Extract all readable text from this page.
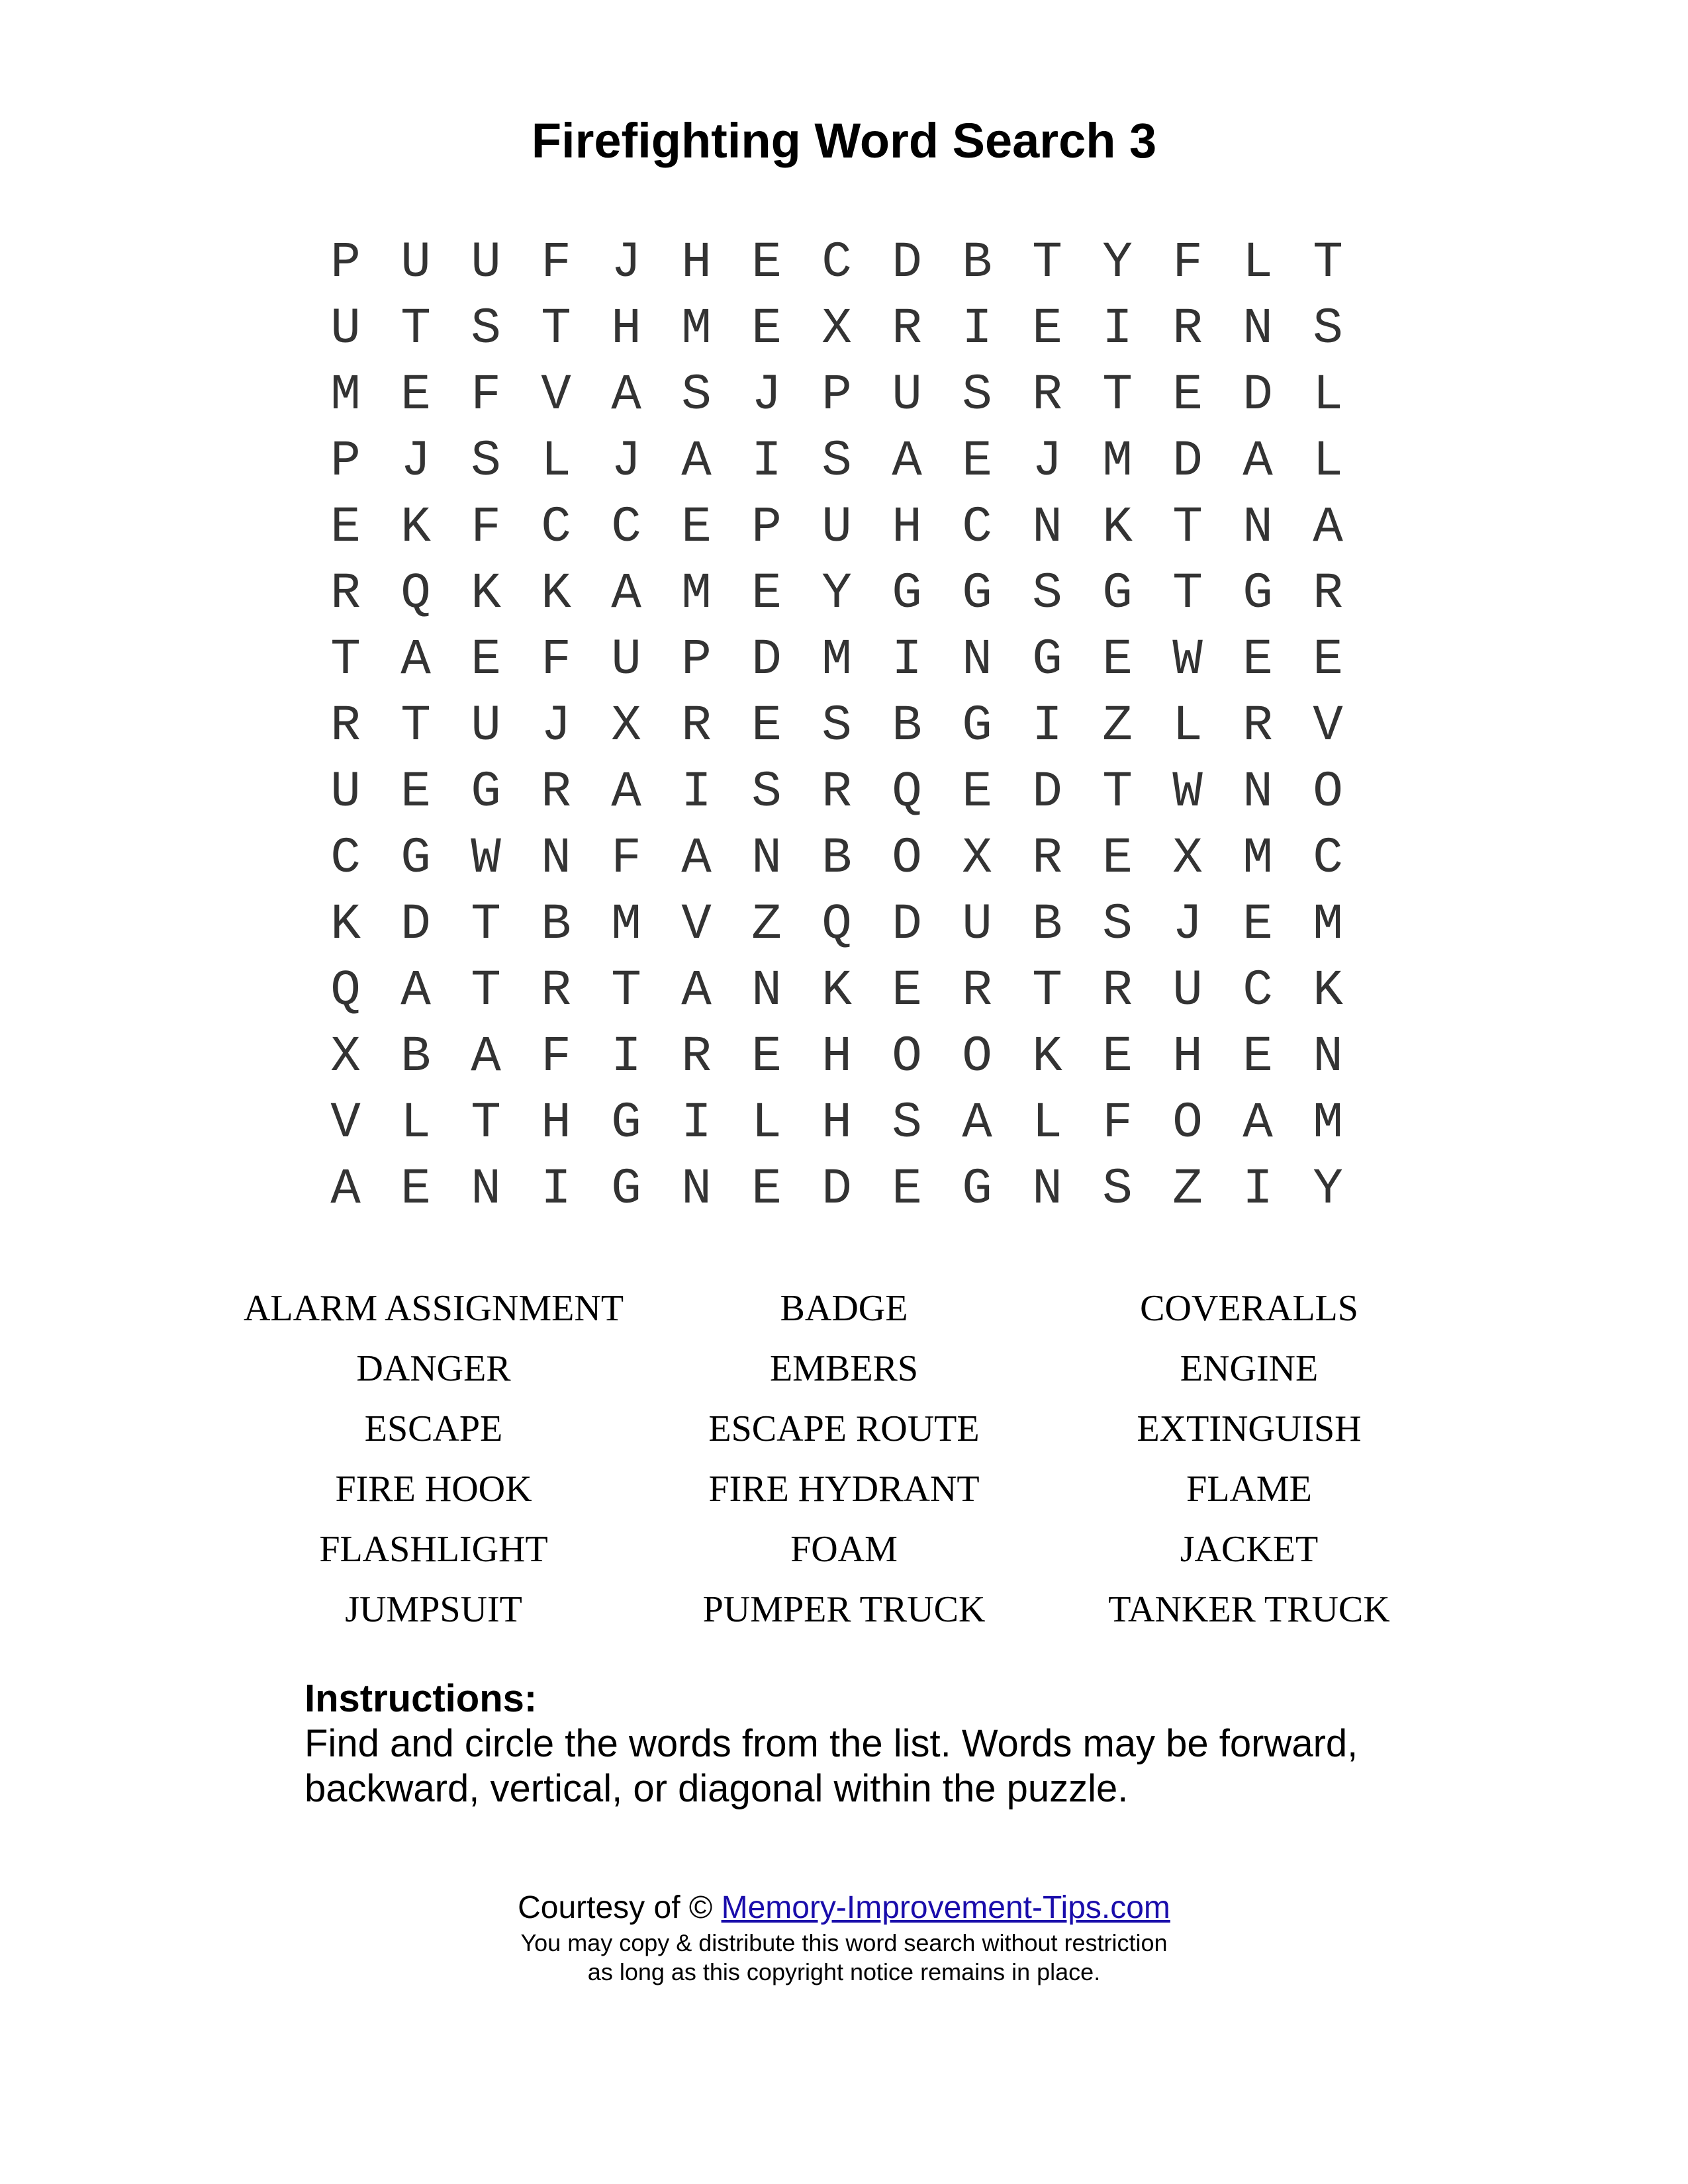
Firefighting Word Search 3
P U U F J H E C D B T Y F L T
U T S T H M E X R I E I R N S
M E F V A S J P U S R T E D L
P J S L J A I S A E J M D A L
E K F C C E P U H C N K T N A
R Q K K A M E Y G G S G T G R
T A E F U P D M I N G E W E E
R T U J X R E S B G I Z L R V
U E G R A I S R Q E D T W N O
C G W N F A N B O X R E X M C
K D T B M V Z Q D U B S J E M
Q A T R T A N K E R T R U C K
X B A F I R E H O O K E H E N
V L T H G I L H S A L F O A M
A E N I G N E D E G N S Z I Y
ALARM ASSIGNMENT	BADGE	COVERALLS
DANGER	EMBERS	ENGINE
ESCAPE	ESCAPE ROUTE	EXTINGUISH
FIRE HOOK	FIRE HYDRANT	FLAME
FLASHLIGHT	FOAM	JACKET
JUMPSUIT	PUMPER TRUCK	TANKER TRUCK
Instructions:
Find and circle the words from the list. Words may be forward,
backward, vertical, or diagonal within the puzzle.
Courtesy of © Memory-Improvement-Tips.com
You may copy & distribute this word search without restriction
as long as this copyright notice remains in place.
